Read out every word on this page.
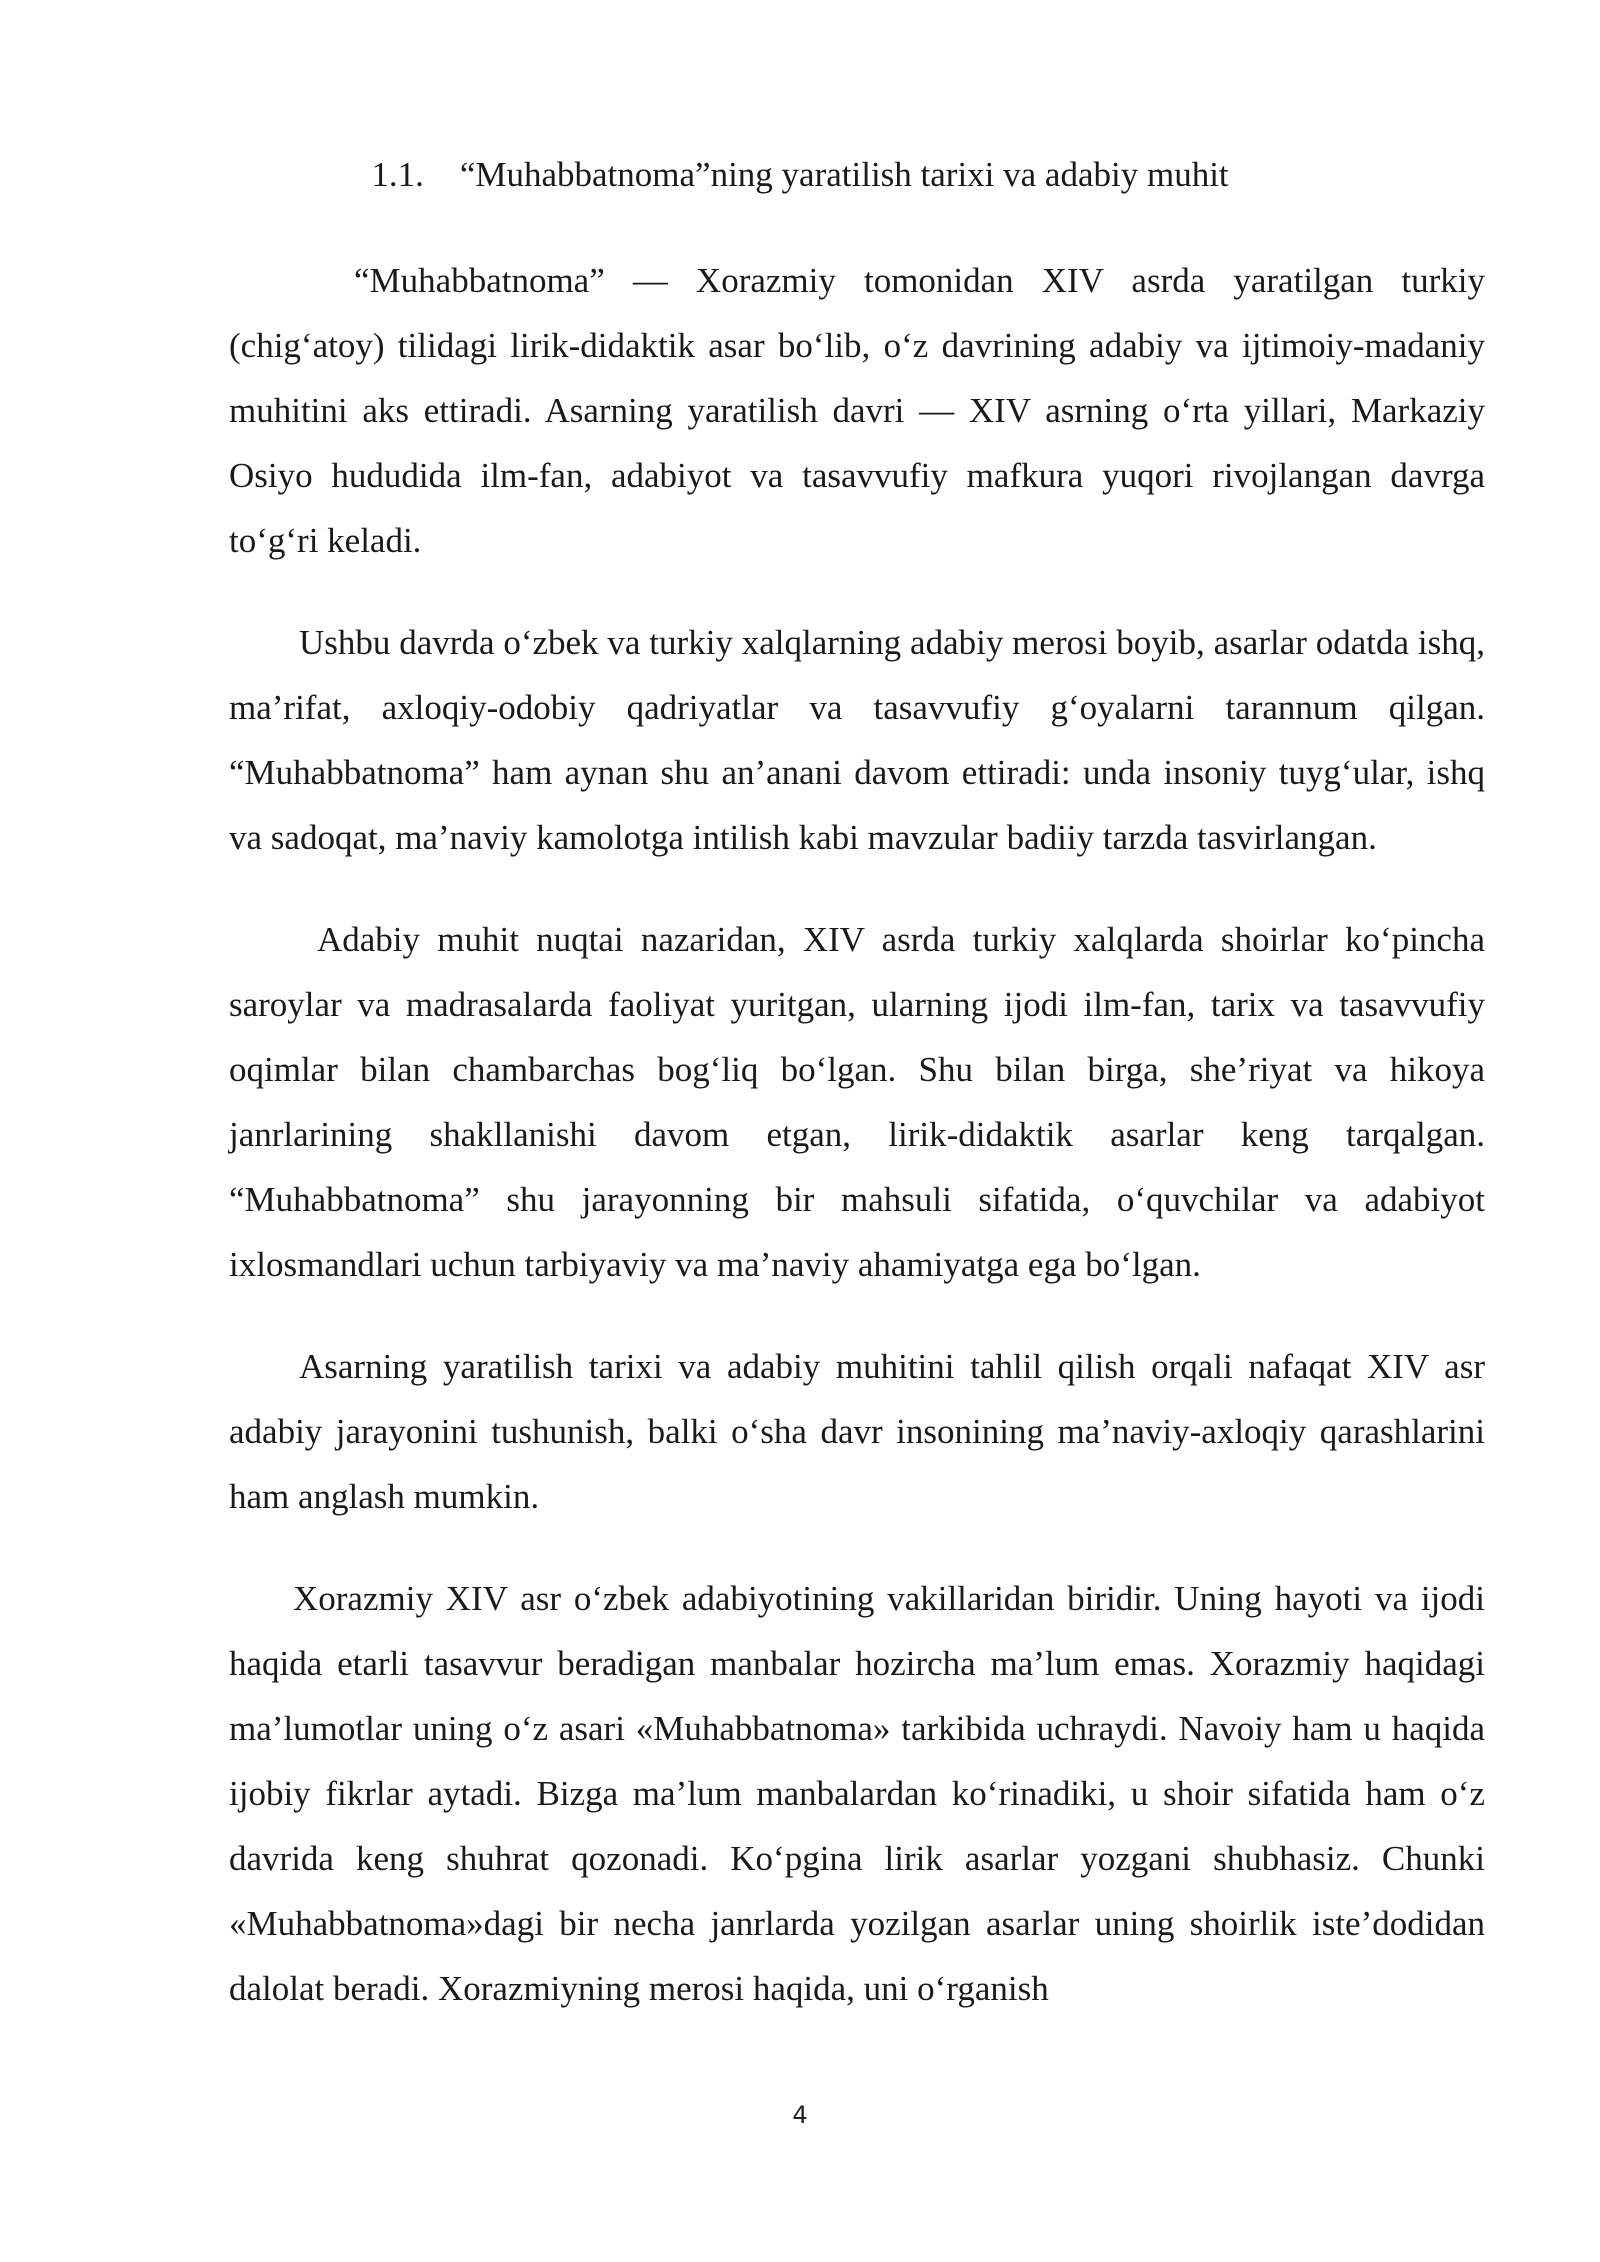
1.1. “Muhabbatnoma”ning yaratilish tarixi va adabiy muhit

“Muhabbatnoma” — Xorazmiy tomonidan XIV asrda yaratilgan turkiy (chig‘atoy) tilidagi lirik-didaktik asar bo‘lib, o‘z davrining adabiy va ijtimoiy-madaniy muhitini aks ettiradi. Asarning yaratilish davri — XIV asrning o‘rta yillari, Markaziy Osiyo hududida ilm-fan, adabiyot va tasavvufiy mafkura yuqori rivojlangan davrga to‘g‘ri keladi.

Ushbu davrda o‘zbek va turkiy xalqlarning adabiy merosi boyib, asarlar odatda ishq, ma’rifat, axloqiy-odobiy qadriyatlar va tasavvufiy g‘oyalarni tarannum qilgan. “Muhabbatnoma” ham aynan shu an’anani davom ettiradi: unda insoniy tuyg‘ular, ishq va sadoqat, ma’naviy kamolotga intilish kabi mavzular badiiy tarzda tasvirlangan.

Adabiy muhit nuqtai nazaridan, XIV asrda turkiy xalqlarda shoirlar ko‘pincha saroylar va madrasalarda faoliyat yuritgan, ularning ijodi ilm-fan, tarix va tasavvufiy oqimlar bilan chambarchas bog‘liq bo‘lgan. Shu bilan birga, she’riyat va hikoya janrlarining shakllanishi davom etgan, lirik-didaktik asarlar keng tarqalgan. “Muhabbatnoma” shu jarayonning bir mahsuli sifatida, o‘quvchilar va adabiyot ixlosmandlari uchun tarbiyaviy va ma’naviy ahamiyatga ega bo‘lgan.

Asarning yaratilish tarixi va adabiy muhitini tahlil qilish orqali nafaqat XIV asr adabiy jarayonini tushunish, balki o‘sha davr insonining ma’naviy-axloqiy qarashlarini ham anglash mumkin.

Xorazmiy XIV asr o‘zbek adabiyotining vakillaridan biridir. Uning hayoti va ijodi haqida etarli tasavvur beradigan manbalar hozircha ma’lum emas. Xorazmiy haqidagi ma’lumotlar uning o‘z asari «Muhabbatnoma» tarkibida uchraydi. Navoiy ham u haqida ijobiy fikrlar aytadi. Bizga ma’lum manbalardan ko‘rinadiki, u shoir sifatida ham o‘z davrida keng shuhrat qozonadi. Ko‘pgina lirik asarlar yozgani shubhasiz. Chunki «Muhabbatnoma»dagi bir necha janrlarda yozilgan asarlar uning shoirlik iste’dodidan dalolat beradi. Xorazmiyning merosi haqida, uni o‘rganish

4
